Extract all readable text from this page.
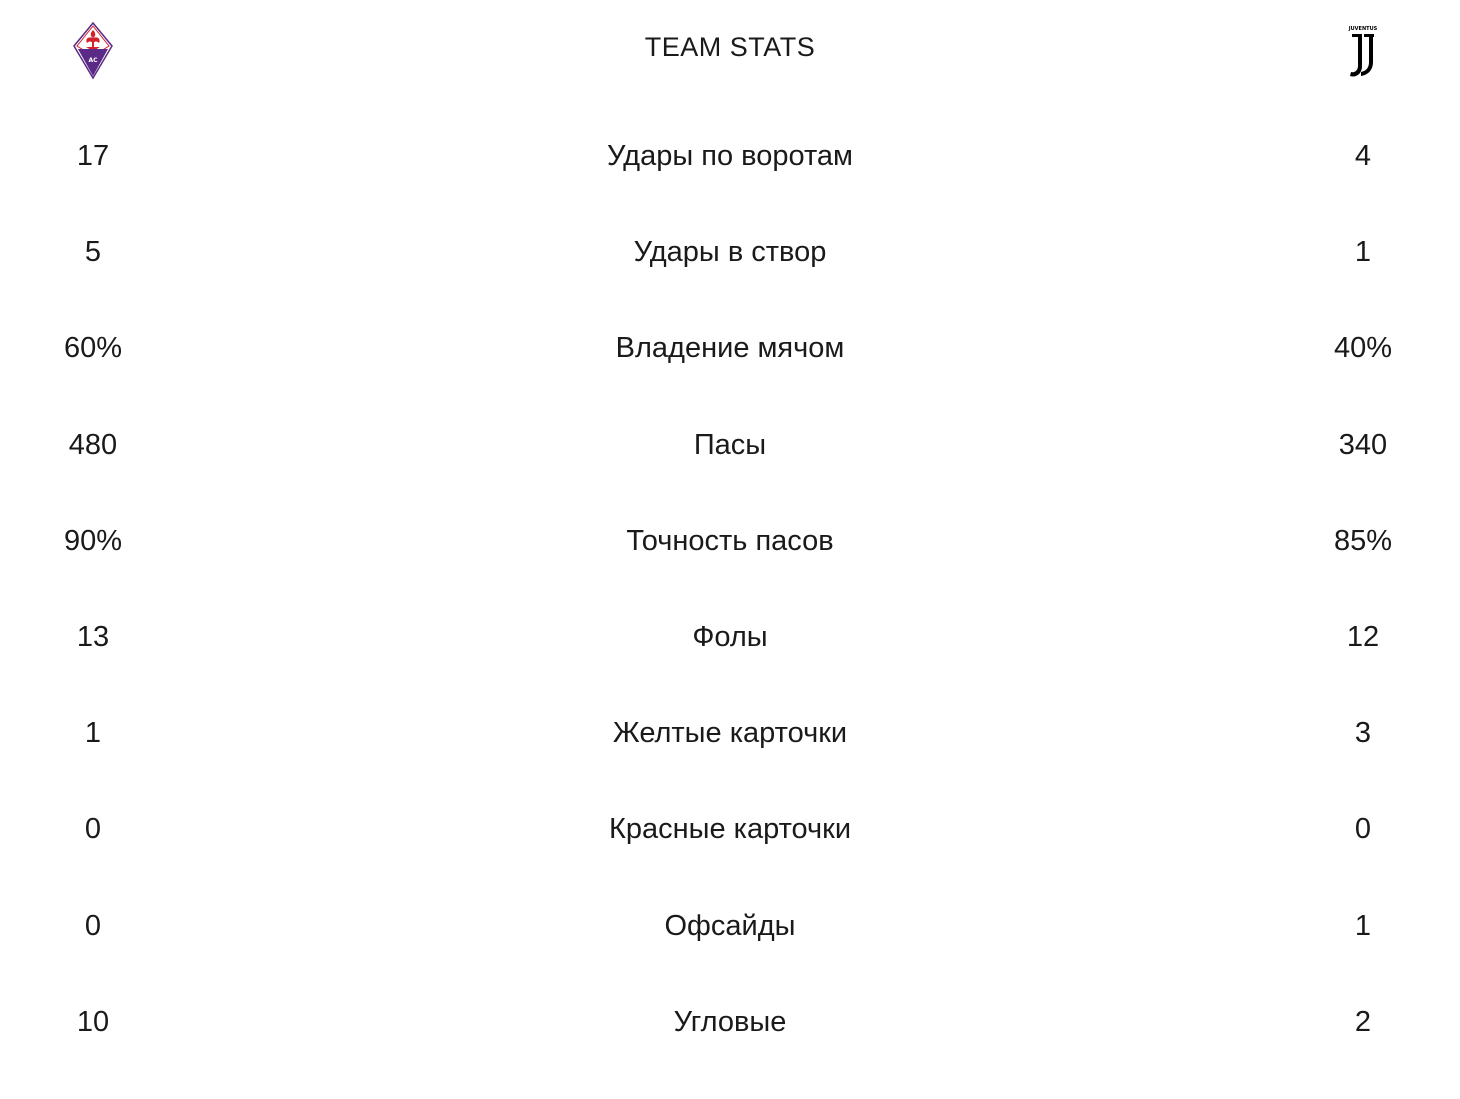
AC	TEAM STATS
JUVENTUS
17	Удары по воротам	4
5	Удары в створ	1
60%	Владение мячом	40%
480	Пасы	340
90%	Точность пасов	85%
13	Фолы	12
1	Желтые карточки	3
0	Красные карточки	0
0	Офсайды	1
10	Угловые	2
